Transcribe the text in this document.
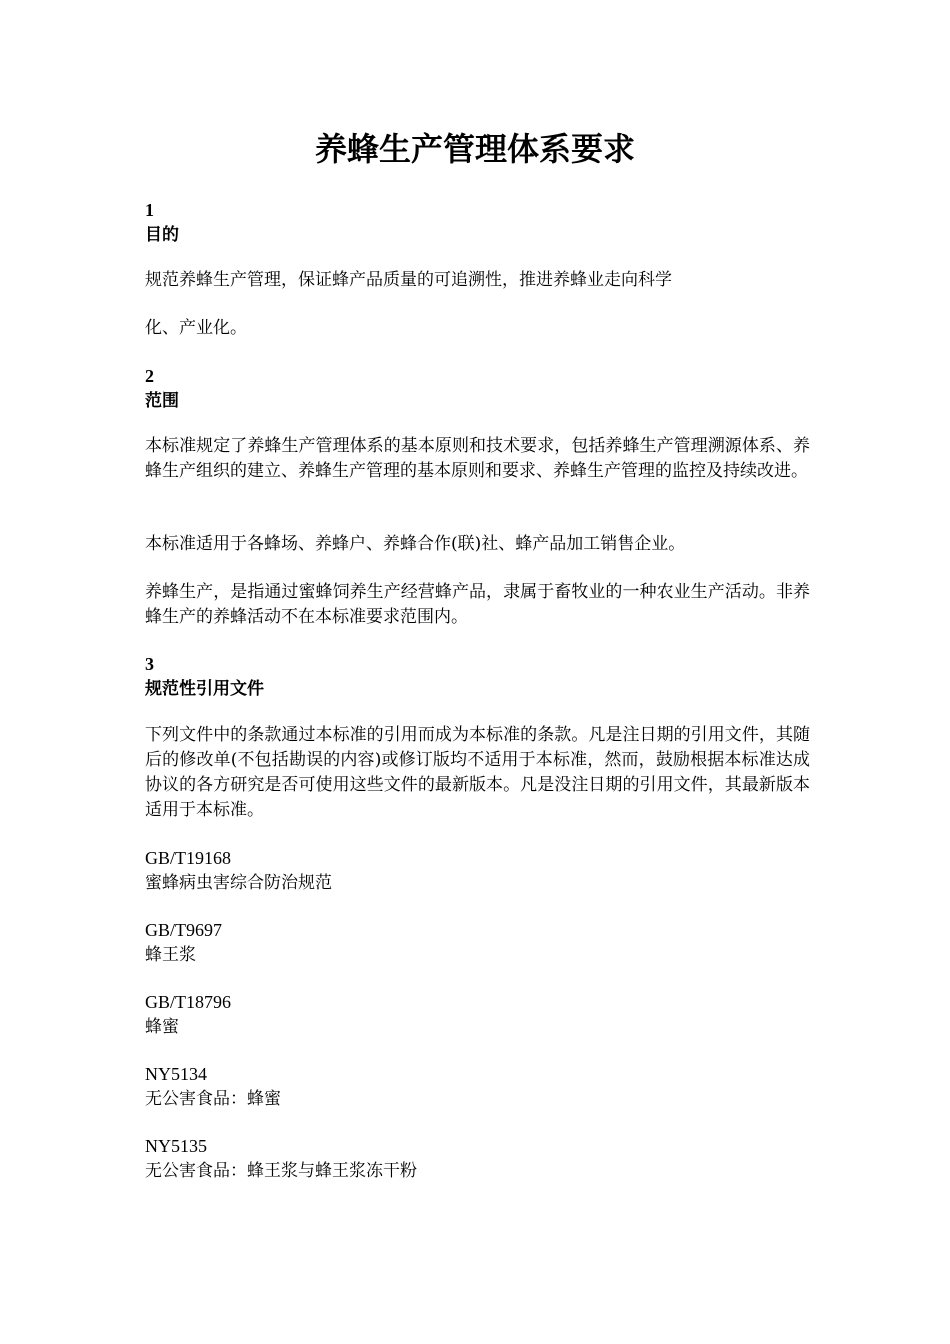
养蜂生产管理体系要求
1
目的

规范养蜂生产管理，保证蜂产品质量的可追溯性，推进养蜂业走向科学

化、产业化。

2
范围

本标准规定了养蜂生产管理体系的基本原则和技术要求，包括养蜂生产管理溯源体系、养蜂生产组织的建立、养蜂生产管理的基本原则和要求、养蜂生产管理的监控及持续改进。

本标准适用于各蜂场、养蜂户、养蜂合作(联)社、蜂产品加工销售企业。

养蜂生产，是指通过蜜蜂饲养生产经营蜂产品，隶属于畜牧业的一种农业生产活动。非养蜂生产的养蜂活动不在本标准要求范围内。

3
规范性引用文件

下列文件中的条款通过本标准的引用而成为本标准的条款。凡是注日期的引用文件，其随后的修改单(不包括勘误的内容)或修订版均不适用于本标准，然而，鼓励根据本标准达成协议的各方研究是否可使用这些文件的最新版本。凡是没注日期的引用文件，其最新版本适用于本标准。

GB/T19168
蜜蜂病虫害综合防治规范
GB/T9697
蜂王浆
GB/T18796
蜂蜜
NY5134
无公害食品：蜂蜜
NY5135
无公害食品：蜂王浆与蜂王浆冻干粉
